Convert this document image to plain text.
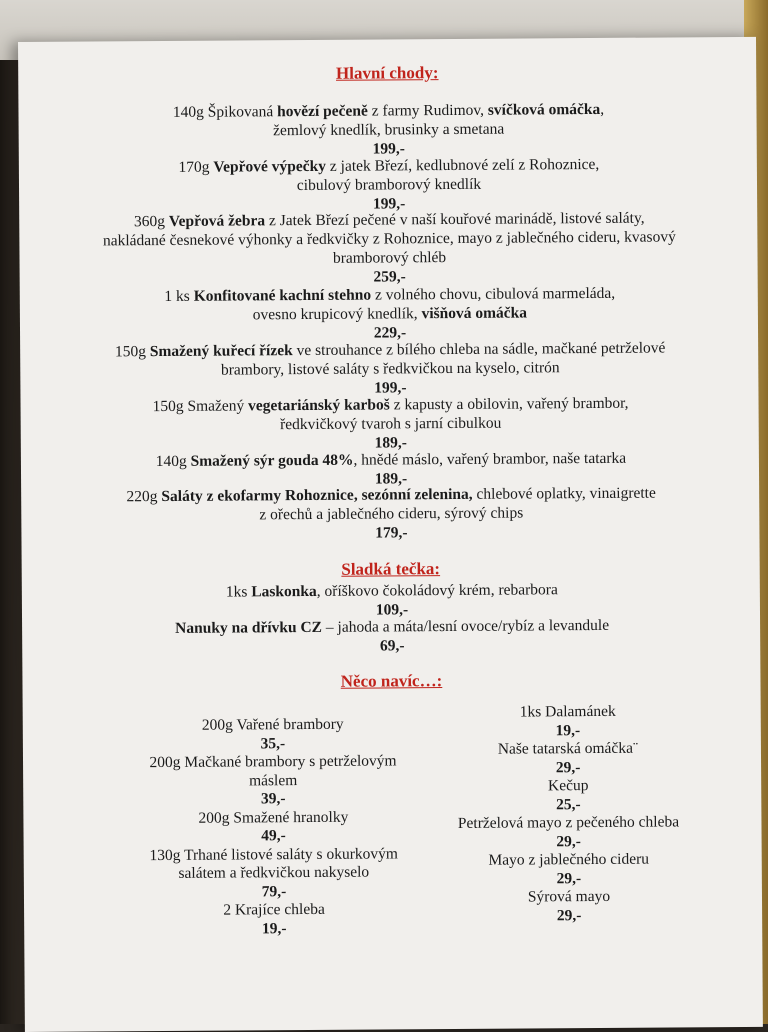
Hlavní chody:
140g Špikovaná hovězí pečeně z farmy Rudimov, svíčková omáčka,
žemlový knedlík, brusinky a smetana
199,-
170g Vepřové výpečky z jatek Březí, kedlubnové zelí z Rohoznice,
cibulový bramborový knedlík
199,-
360g Vepřová žebra z Jatek Březí pečené v naší kouřové marinádě, listové saláty,
nakládané česnekové výhonky a ředkvičky z Rohoznice, mayo z jablečného cideru, kvasový
bramborový chléb
259,-
1 ks Konfitované kachní stehno z volného chovu, cibulová marmeláda,
ovesno krupicový knedlík, višňová omáčka
229,-
150g Smažený kuřecí řízek ve strouhance z bílého chleba na sádle, mačkané petrželové
brambory, listové saláty s ředkvičkou na kyselo, citrón
199,-
150g Smažený vegetariánský karboš z kapusty a obilovin, vařený brambor,
ředkvičkový tvaroh s jarní cibulkou
189,-
140g Smažený sýr gouda 48%, hnědé máslo, vařený brambor, naše tatarka
189,-
220g Saláty z ekofarmy Rohoznice, sezónní zelenina, chlebové oplatky, vinaigrette
z ořechů a jablečného cideru, sýrový chips
179,-
Sladká tečka:
1ks Laskonka, oříškovo čokoládový krém, rebarbora
109,-
Nanuky na dřívku CZ – jahoda a máta/lesní ovoce/rybíz a levandule
69,-
Něco navíc…:
200g Vařené brambory
35,-
200g Mačkané brambory s petrželovým
máslem
39,-
200g Smažené hranolky
49,-
130g Trhané listové saláty s okurkovým
salátem a ředkvičkou nakyselo
79,-
2 Krajíce chleba
19,-
1ks Dalamánek
19,-
Naše tatarská omáčka¨
29,-
Kečup
25,-
Petrželová mayo z pečeného chleba
29,-
Mayo z jablečného cideru
29,-
Sýrová mayo
29,-
